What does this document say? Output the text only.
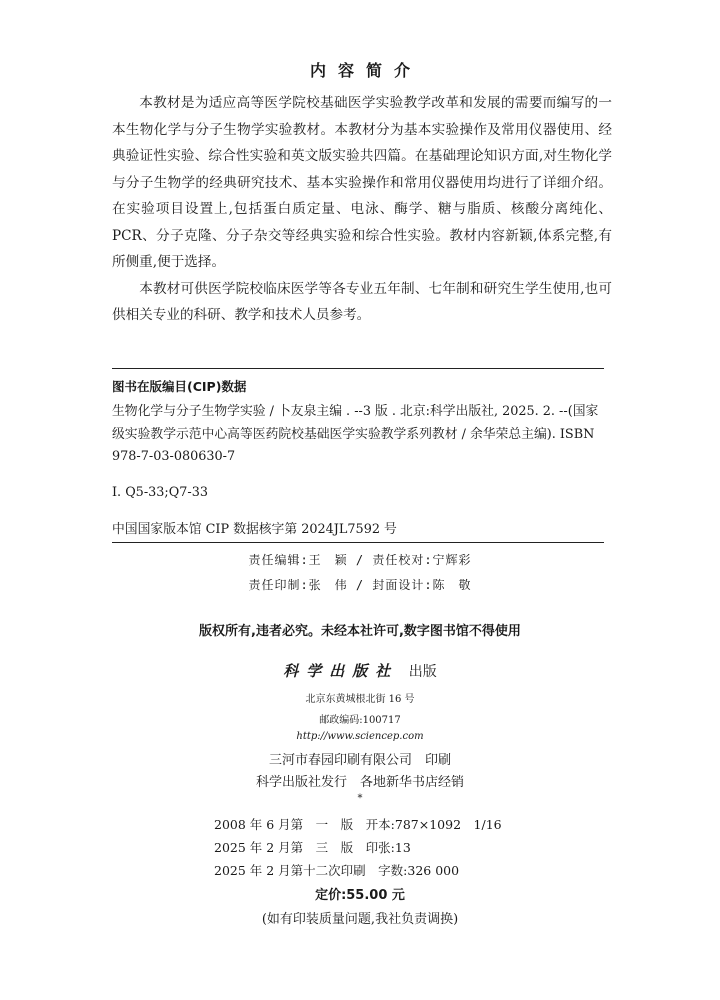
内容简介

本教材是为适应高等医学院校基础医学实验教学改革和发展的需要而编写的一本生物化学与分子生物学实验教材。本教材分为基本实验操作及常用仪器使用、经典验证性实验、综合性实验和英文版实验共四篇。在基础理论知识方面,对生物化学与分子生物学的经典研究技术、基本实验操作和常用仪器使用均进行了详细介绍。在实验项目设置上,包括蛋白质定量、电泳、酶学、糖与脂质、核酸分离纯化、PCR、分子克隆、分子杂交等经典实验和综合性实验。教材内容新颖,体系完整,有所侧重,便于选择。

本教材可供医学院校临床医学等各专业五年制、七年制和研究生学生使用,也可供相关专业的科研、教学和技术人员参考。

图书在版编目(CIP)数据
生物化学与分子生物学实验 / 卜友泉主编 . --3 版 . 北京:科学出版社, 2025. 2. --(国家级实验教学示范中心高等医药院校基础医学实验教学系列教材 / 余华荣总主编). ISBN 978-7-03-080630-7
Ⅰ. Q5-33;Q7-33
中国国家版本馆 CIP 数据核字第 2024JL7592 号
责任编辑:王　颖 / 责任校对:宁辉彩
责任印制:张　伟 / 封面设计:陈　敬
版权所有,违者必究。未经本社许可,数字图书馆不得使用
科学出版社 出版
北京东黄城根北街 16 号
邮政编码:100717
http://www.sciencep.com
三河市春园印刷有限公司　印刷
科学出版社发行　各地新华书店经销
*
2008 年 6 月第　一　版　开本:787×1092　1/16
2025 年 2 月第　三　版　印张:13
2025 年 2 月第十二次印刷　字数:326 000
定价:55.00 元
(如有印装质量问题,我社负责调换)
